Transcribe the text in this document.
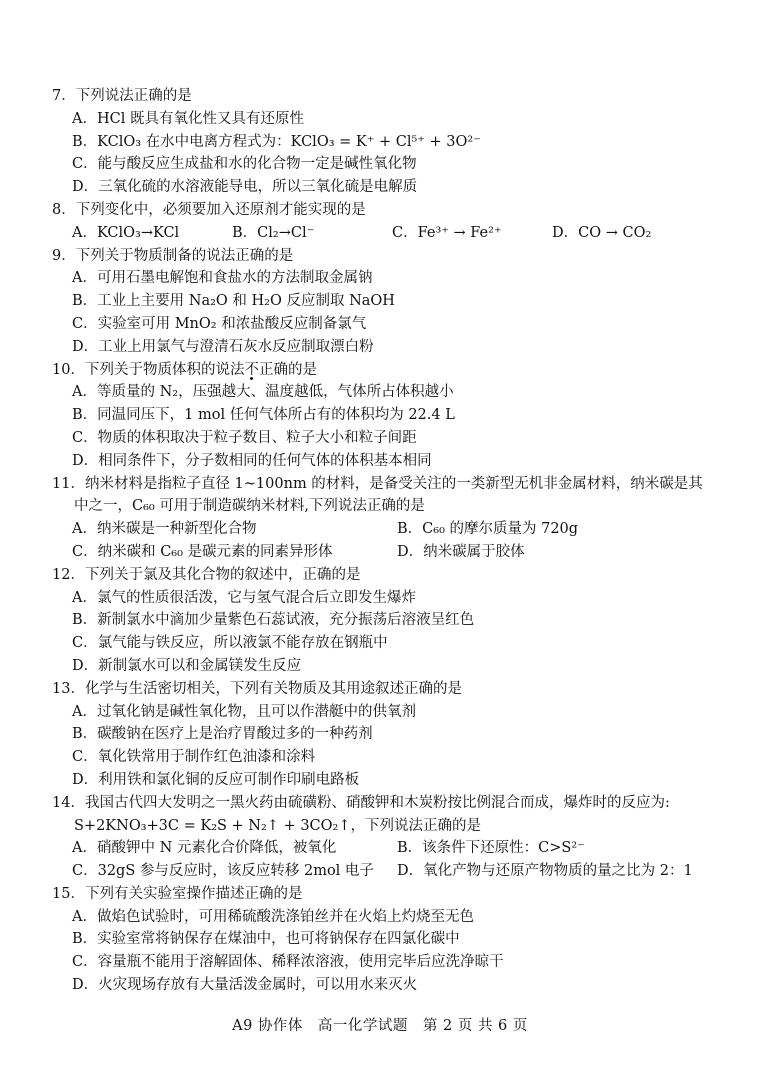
7．下列说法正确的是
A．HCl 既具有氧化性又具有还原性
B．KClO₃ 在水中电离方程式为：KClO₃ = K⁺ + Cl⁵⁺ + 3O²⁻
C．能与酸反应生成盐和水的化合物一定是碱性氧化物
D．三氧化硫的水溶液能导电，所以三氧化硫是电解质
8．下列变化中，必须要加入还原剂才能实现的是
A．KClO₃→KCl	B．Cl₂→Cl⁻	C．Fe³⁺ → Fe²⁺	D．CO → CO₂
9．下列关于物质制备的说法正确的是
A．可用石墨电解饱和食盐水的方法制取金属钠
B．工业上主要用 Na₂O 和 H₂O 反应制取 NaOH
C．实验室可用 MnO₂ 和浓盐酸反应制备氯气
D．工业上用氯气与澄清石灰水反应制取漂白粉
10．下列关于物质体积的说法不正确的是
A．等质量的 N₂，压强越大、温度越低，气体所占体积越小
B．同温同压下，1 mol 任何气体所占有的体积均为 22.4 L
C．物质的体积取决于粒子数目、粒子大小和粒子间距
D．相同条件下，分子数相同的任何气体的体积基本相同
11．纳米材料是指粒子直径 1~100nm 的材料，是备受关注的一类新型无机非金属材料，纳米碳是其
中之一，C₆₀ 可用于制造碳纳米材料,下列说法正确的是
A．纳米碳是一种新型化合物	B．C₆₀ 的摩尔质量为 720g
C．纳米碳和 C₆₀ 是碳元素的同素异形体	D．纳米碳属于胶体
12．下列关于氯及其化合物的叙述中，正确的是
A．氯气的性质很活泼，它与氢气混合后立即发生爆炸
B．新制氯水中滴加少量紫色石蕊试液，充分振荡后溶液呈红色
C．氯气能与铁反应，所以液氯不能存放在钢瓶中
D．新制氯水可以和金属镁发生反应
13．化学与生活密切相关，下列有关物质及其用途叙述正确的是
A．过氧化钠是碱性氧化物，且可以作潜艇中的供氧剂
B．碳酸钠在医疗上是治疗胃酸过多的一种药剂
C．氧化铁常用于制作红色油漆和涂料
D．利用铁和氯化铜的反应可制作印刷电路板
14．我国古代四大发明之一黑火药由硫磺粉、硝酸钾和木炭粉按比例混合而成，爆炸时的反应为:
S+2KNO₃+3C = K₂S + N₂↑ + 3CO₂↑，下列说法正确的是
A．硝酸钾中 N 元素化合价降低，被氧化	B．该条件下还原性：C>S²⁻
C．32gS 参与反应时，该反应转移 2mol 电子	D．氧化产物与还原产物物质的量之比为 2：1
15．下列有关实验室操作描述正确的是
A．做焰色试验时，可用稀硫酸洗涤铂丝并在火焰上灼烧至无色
B．实验室常将钠保存在煤油中，也可将钠保存在四氯化碳中
C．容量瓶不能用于溶解固体、稀释浓溶液，使用完毕后应洗净晾干
D．火灾现场存放有大量活泼金属时，可以用水来灭火
A9 协作体　高一化学试题　第 2 页 共 6 页
